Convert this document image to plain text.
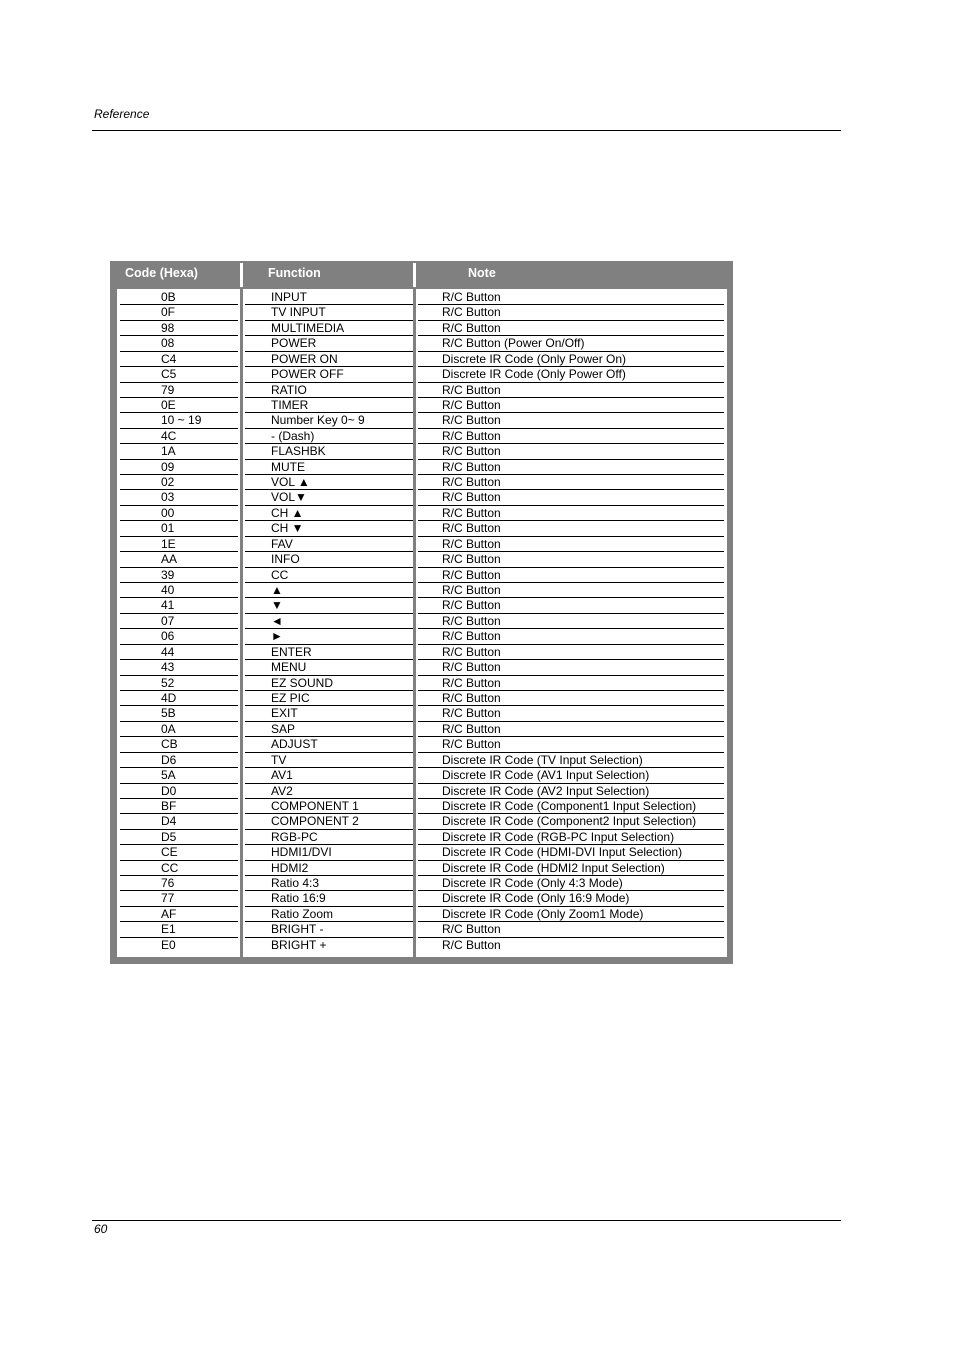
Reference
Code (Hexa)	Function	Note
0B	INPUT	R/C Button
0F	TV INPUT	R/C Button
98	MULTIMEDIA	R/C Button
08	POWER	R/C Button (Power On/Off)
C4	POWER ON	Discrete IR Code (Only Power On)
C5	POWER OFF	Discrete IR Code (Only Power Off)
79	RATIO	R/C Button
0E	TIMER	R/C Button
10 ~ 19	Number Key 0~ 9	R/C Button
4C	- (Dash)	R/C Button
1A	FLASHBK	R/C Button
09	MUTE	R/C Button
02	VOL ▲	R/C Button
03	VOL▼	R/C Button
00	CH ▲	R/C Button
01	CH ▼	R/C Button
1E	FAV	R/C Button
AA	INFO	R/C Button
39	CC	R/C Button
40	▲	R/C Button
41	▼	R/C Button
07	◄	R/C Button
06	►	R/C Button
44	ENTER	R/C Button
43	MENU	R/C Button
52	EZ SOUND	R/C Button
4D	EZ PIC	R/C Button
5B	EXIT	R/C Button
0A	SAP	R/C Button
CB	ADJUST	R/C Button
D6	TV	Discrete IR Code (TV Input Selection)
5A	AV1	Discrete IR Code (AV1 Input Selection)
D0	AV2	Discrete IR Code (AV2 Input Selection)
BF	COMPONENT 1	Discrete IR Code (Component1 Input Selection)
D4	COMPONENT 2	Discrete IR Code (Component2 Input Selection)
D5	RGB-PC	Discrete IR Code (RGB-PC Input Selection)
CE	HDMI1/DVI	Discrete IR Code (HDMI-DVI Input Selection)
CC	HDMI2	Discrete IR Code (HDMI2 Input Selection)
76	Ratio 4:3	Discrete IR Code (Only 4:3 Mode)
77	Ratio 16:9	Discrete IR Code (Only 16:9 Mode)
AF	Ratio Zoom	Discrete IR Code (Only Zoom1 Mode)
E1	BRIGHT -	R/C Button
E0	BRIGHT +	R/C Button
60
